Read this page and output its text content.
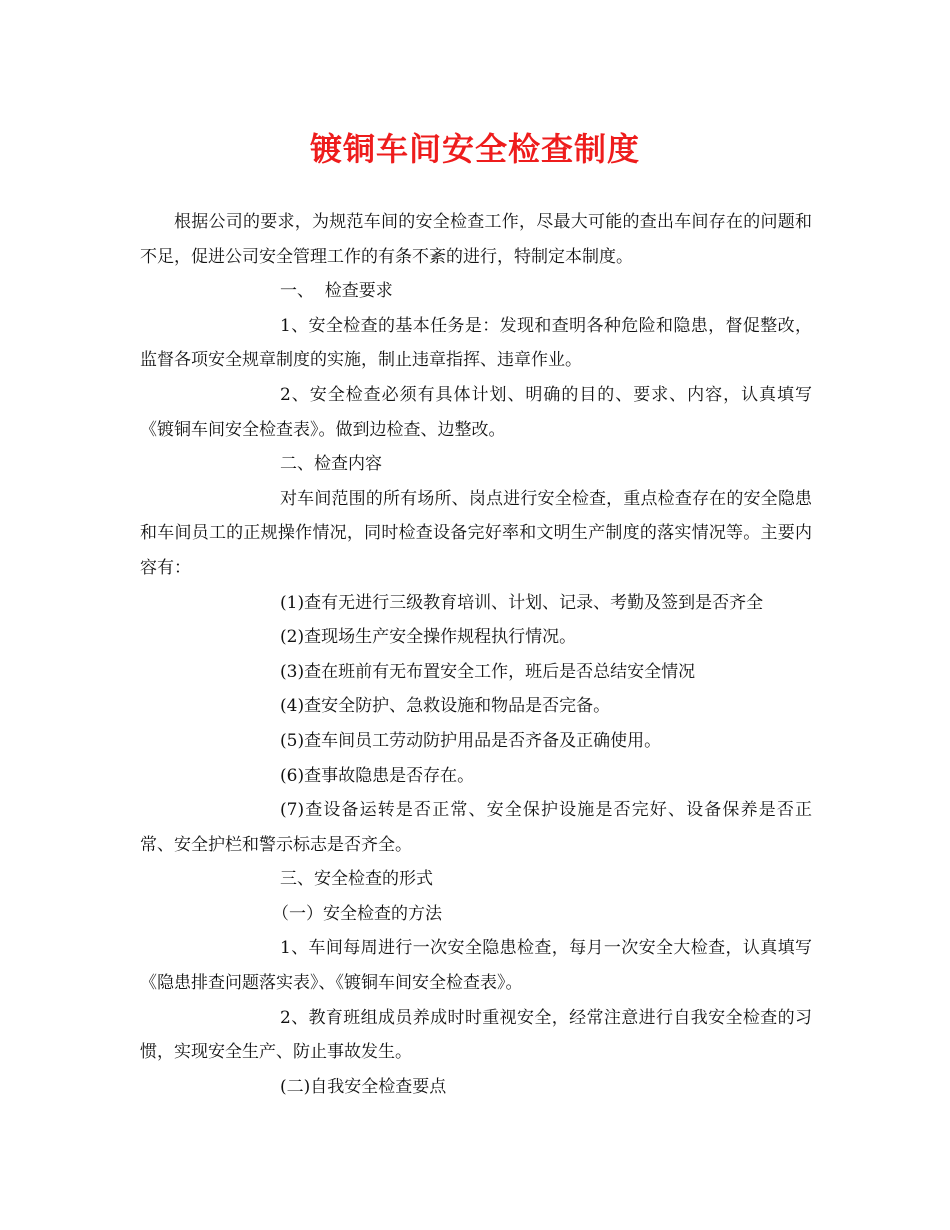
镀铜车间安全检查制度

根据公司的要求，为规范车间的安全检查工作，尽最大可能的查出车间存在的问题和不足，促进公司安全管理工作的有条不紊的进行，特制定本制度。

一、  检查要求

1、安全检查的基本任务是：发现和查明各种危险和隐患，督促整改，监督各项安全规章制度的实施，制止违章指挥、违章作业。

2、安全检查必须有具体计划、明确的目的、要求、内容，认真填写《镀铜车间安全检查表》。做到边检查、边整改。

二、检查内容

对车间范围的所有场所、岗点进行安全检查，重点检查存在的安全隐患和车间员工的正规操作情况，同时检查设备完好率和文明生产制度的落实情况等。主要内容有：

(1)查有无进行三级教育培训、计划、记录、考勤及签到是否齐全

(2)查现场生产安全操作规程执行情况。

(3)查在班前有无布置安全工作，班后是否总结安全情况

(4)查安全防护、急救设施和物品是否完备。

(5)查车间员工劳动防护用品是否齐备及正确使用。

(6)查事故隐患是否存在。

(7)查设备运转是否正常、安全保护设施是否完好、设备保养是否正常、安全护栏和警示标志是否齐全。

三、安全检查的形式

（一）安全检查的方法

1、车间每周进行一次安全隐患检查，每月一次安全大检查，认真填写《隐患排查问题落实表》、《镀铜车间安全检查表》。

2、教育班组成员养成时时重视安全，经常注意进行自我安全检查的习惯，实现安全生产、防止事故发生。

(二)自我安全检查要点
